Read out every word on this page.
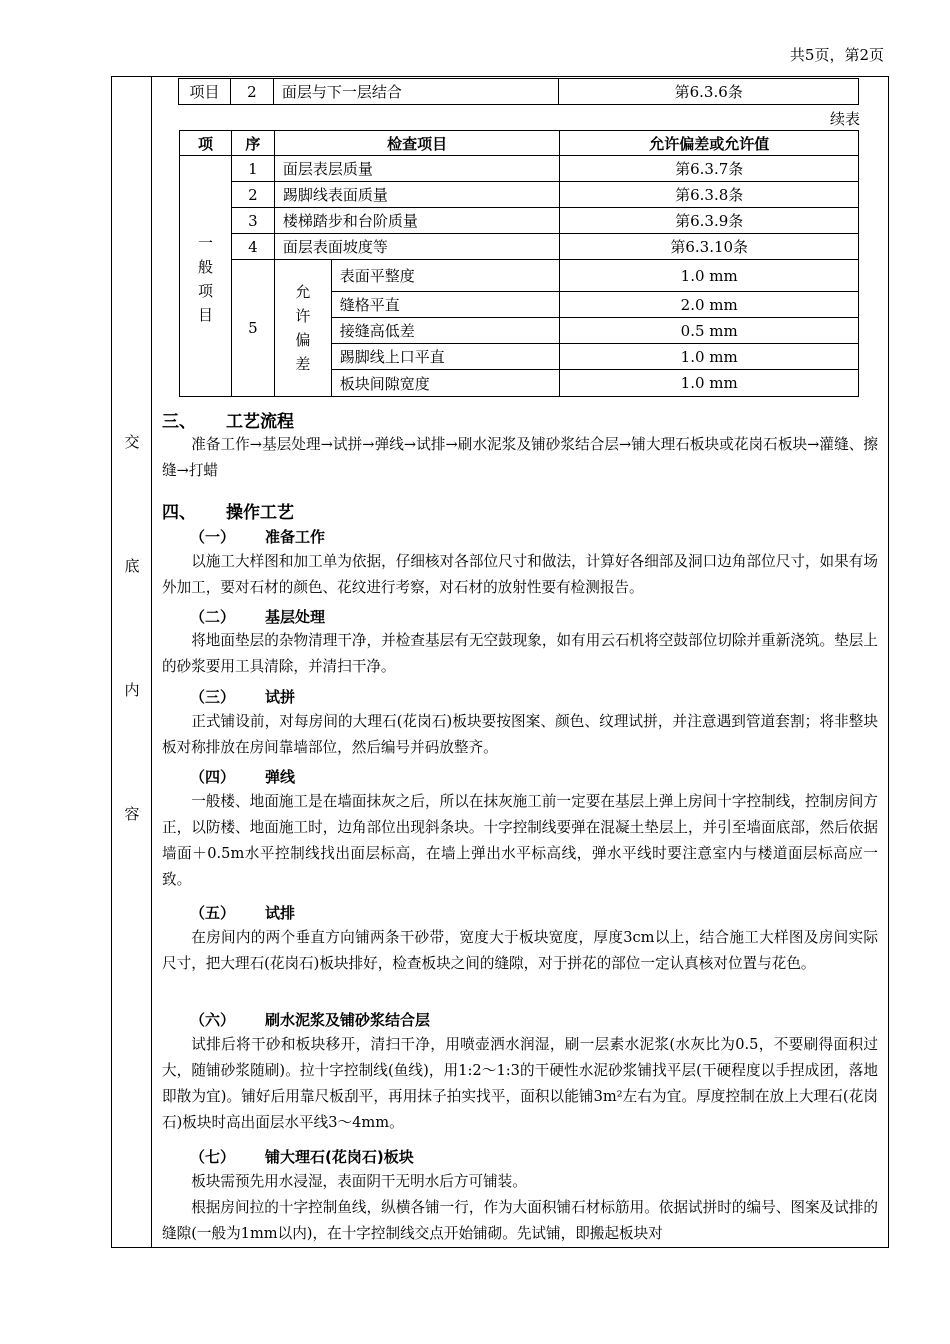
共5页，第2页
交
底
内
容
项目	2	面层与下一层结合	第6.3.6条
续表
项	序	检查项目		允许偏差或允许值

一般项目	1	面层表层质量		第6.3.7条
	2	踢脚线表面质量		第6.3.8条
	3	楼梯踏步和台阶质量		第6.3.9条
	4	面层表面坡度等		第6.3.10条
	5	允许偏差	表面平整度	1.0 mm
			缝格平直	2.0 mm
			接缝高低差	0.5 mm
			踢脚线上口平直	1.0 mm
			板块间隙宽度	1.0 mm
三、 工艺流程
准备工作→基层处理→试拼→弹线→试排→刷水泥浆及铺砂浆结合层→铺大理石板块或花岗石板块→灌缝、擦缝→打蜡
四、 操作工艺
（一） 准备工作
以施工大样图和加工单为依据，仔细核对各部位尺寸和做法，计算好各细部及洞口边角部位尺寸，如果有场外加工，要对石材的颜色、花纹进行考察，对石材的放射性要有检测报告。
（二） 基层处理
将地面垫层的杂物清理干净，并检查基层有无空鼓现象，如有用云石机将空鼓部位切除并重新浇筑。垫层上的砂浆要用工具清除，并清扫干净。
（三） 试拼
正式铺设前，对每房间的大理石(花岗石)板块要按图案、颜色、纹理试拼，并注意遇到管道套割；将非整块板对称排放在房间靠墙部位，然后编号并码放整齐。
（四） 弹线
一般楼、地面施工是在墙面抹灰之后，所以在抹灰施工前一定要在基层上弹上房间十字控制线，控制房间方正，以防楼、地面施工时，边角部位出现斜条块。十字控制线要弹在混凝土垫层上，并引至墙面底部，然后依据墙面＋0.5m水平控制线找出面层标高，在墙上弹出水平标高线，弹水平线时要注意室内与楼道面层标高应一致。
（五） 试排
在房间内的两个垂直方向铺两条干砂带，宽度大于板块宽度，厚度3cm以上，结合施工大样图及房间实际尺寸，把大理石(花岗石)板块排好，检查板块之间的缝隙，对于拼花的部位一定认真核对位置与花色。
（六） 刷水泥浆及铺砂浆结合层
试排后将干砂和板块移开，清扫干净，用喷壶洒水润湿，刷一层素水泥浆(水灰比为0.5，不要刷得面积过大，随铺砂浆随刷)。拉十字控制线(鱼线)，用1:2～1:3的干硬性水泥砂浆铺找平层(干硬程度以手捏成团，落地即散为宜)。铺好后用靠尺板刮平，再用抹子拍实找平，面积以能铺3m²左右为宜。厚度控制在放上大理石(花岗石)板块时高出面层水平线3～4mm。
（七） 铺大理石(花岗石)板块
板块需预先用水浸湿，表面阴干无明水后方可铺装。
根据房间拉的十字控制鱼线，纵横各铺一行，作为大面积铺石材标筋用。依据试拼时的编号、图案及试排的缝隙(一般为1mm以内)，在十字控制线交点开始铺砌。先试铺，即搬起板块对
